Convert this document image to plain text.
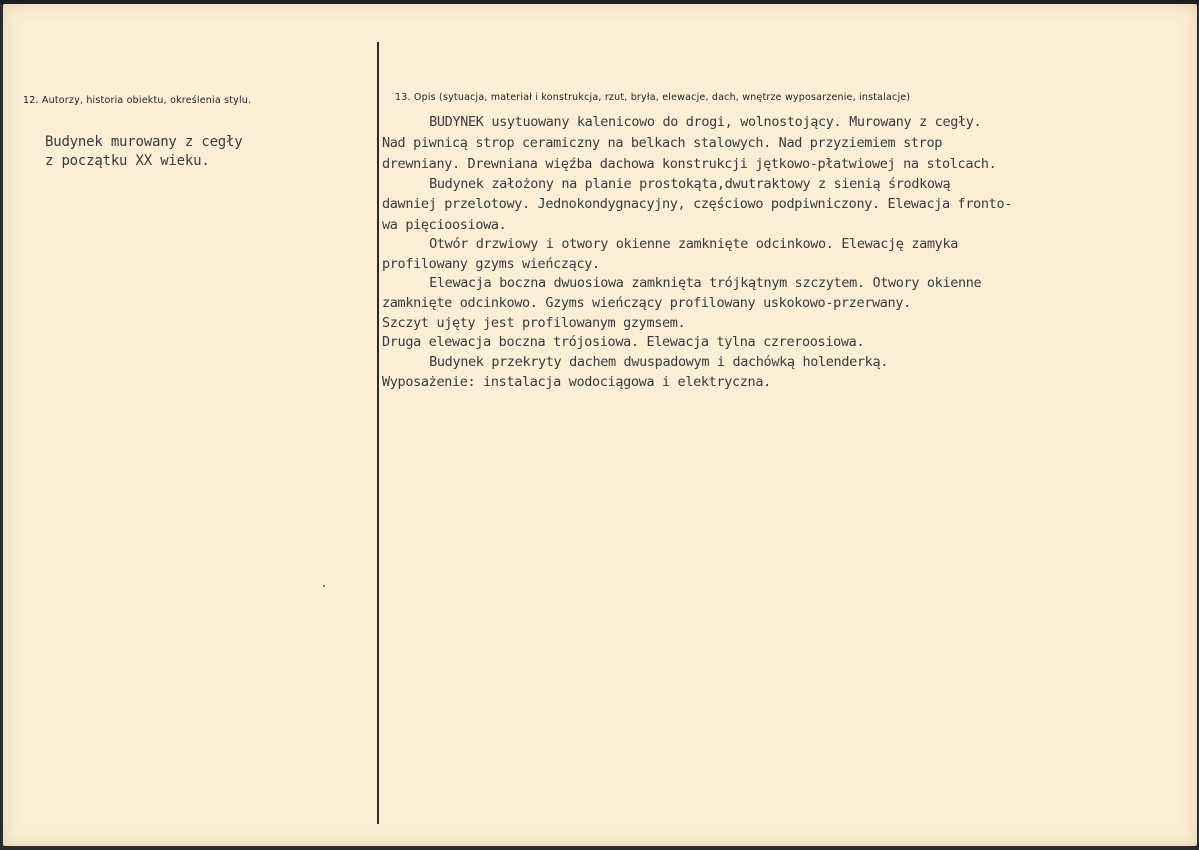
12. Autorzy, historia obiektu, określenia stylu.
Budynek murowany z cegły
z początku XX wieku.
13. Opis (sytuacja, materiał i konstrukcja, rzut, bryła, elewacje, dach, wnętrze wyposarzenie, instalacje)
BUDYNEK usytuowany kalenicowo do drogi, wolnostojący. Murowany z cegły.
Nad piwnicą strop ceramiczny na belkach stalowych. Nad przyziemiem strop
drewniany. Drewniana więźba dachowa konstrukcji jętkowo-płatwiowej na stolcach.
Budynek założony na planie prostokąta,dwutraktowy z sienią środkową
dawniej przelotowy. Jednokondygnacyjny, częściowo podpiwniczony. Elewacja fronto-
wa pięcioosiowa.
Otwór drzwiowy i otwory okienne zamknięte odcinkowo. Elewację zamyka
profilowany gzyms wieńczący.
Elewacja boczna dwuosiowa zamknięta trójkątnym szczytem. Otwory okienne
zamknięte odcinkowo. Gzyms wieńczący profilowany uskokowo-przerwany.
Szczyt ujęty jest profilowanym gzymsem.
Druga elewacja boczna trójosiowa. Elewacja tylna czreroosiowa.
Budynek przekryty dachem dwuspadowym i dachówką holenderką.
Wyposażenie: instalacja wodociągowa i elektryczna.
